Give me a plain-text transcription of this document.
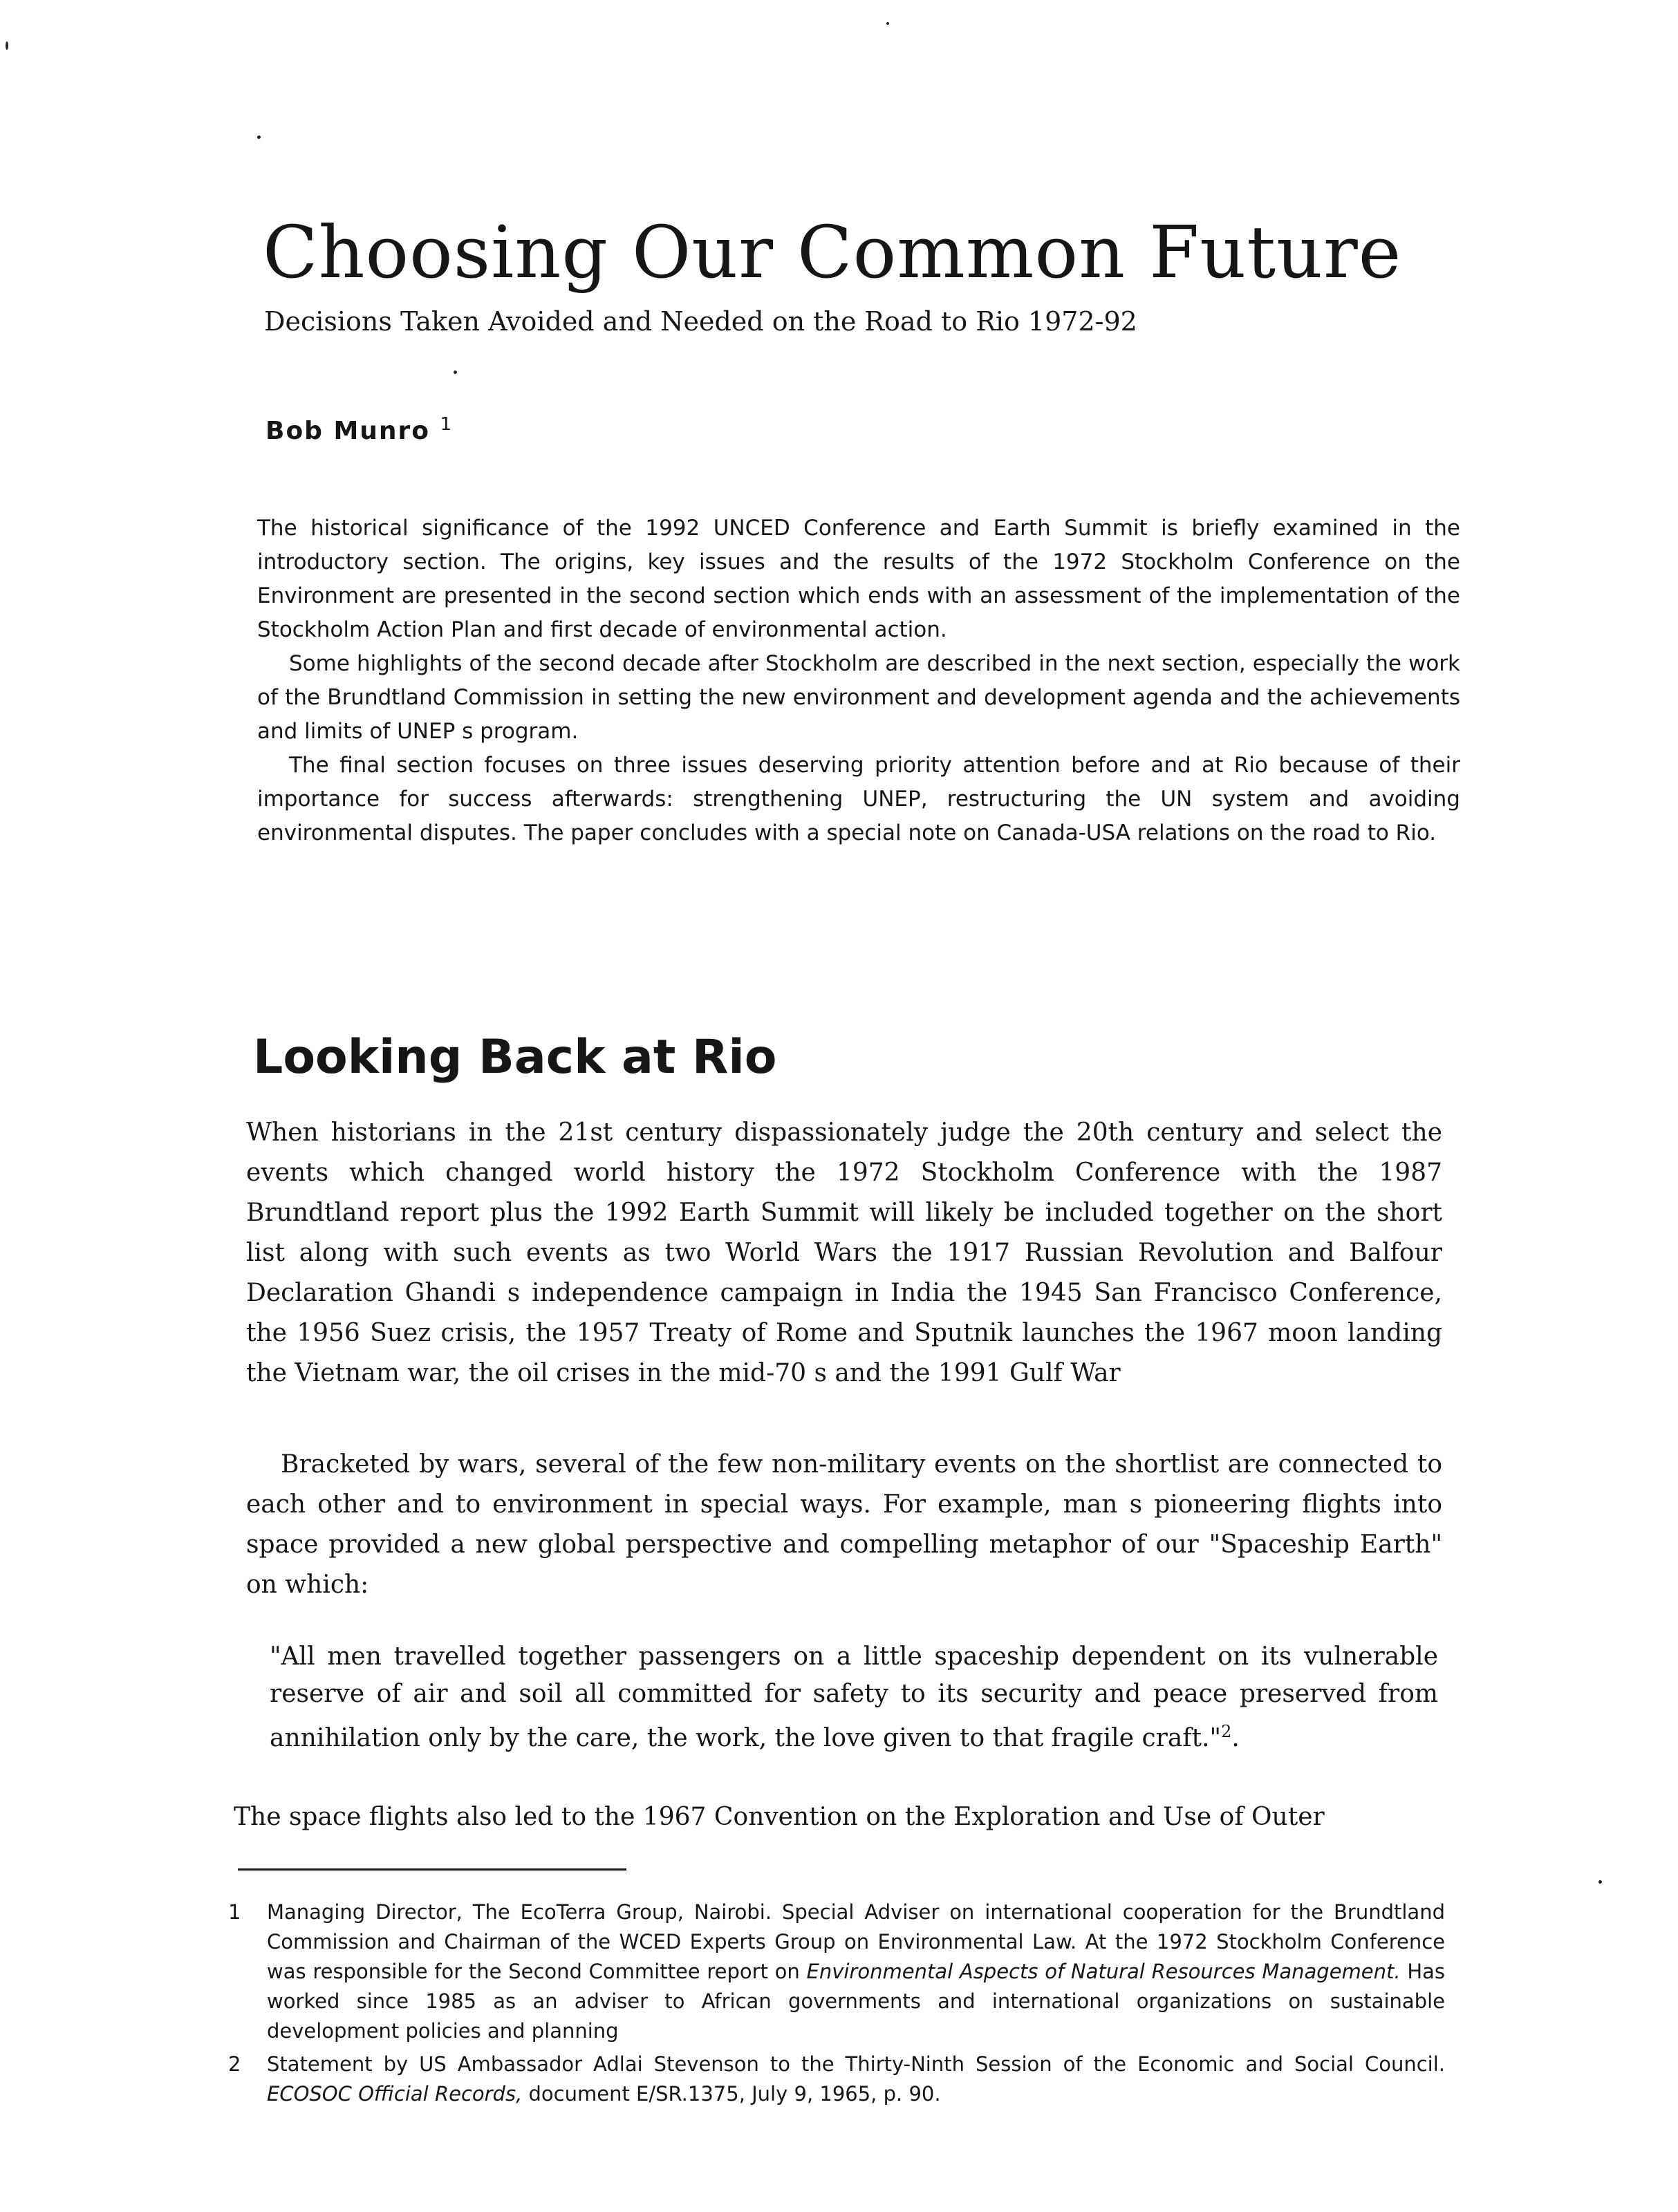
Choosing Our Common Future
Decisions Taken Avoided and Needed on the Road to Rio 1972-92
Bob Munro $^1$

The historical significance of the 1992 UNCED Conference and Earth Summit is briefly examined in the introductory section. The origins, key issues and the results of the 1972 Stockholm Conference on the Environment are presented in the second section which ends with an assessment of the implementation of the Stockholm Action Plan and first decade of environmental action.

Some highlights of the second decade after Stockholm are described in the next section, especially the work of the Brundtland Commission in setting the new environment and development agenda and the achievements and limits of UNEP s program.

The final section focuses on three issues deserving priority attention before and at Rio because of their importance for success afterwards: strengthening UNEP, restructuring the UN system and avoiding environmental disputes. The paper concludes with a special note on Canada-USA relations on the road to Rio.

Looking Back at Rio
When historians in the 21st century dispassionately judge the 20th century and select the events which changed world history the 1972 Stockholm Conference with the 1987 Brundtland report plus the 1992 Earth Summit will likely be included together on the short list along with such events as two World Wars the 1917 Russian Revolution and Balfour Declaration Ghandi s independence campaign in India the 1945 San Francisco Conference, the 1956 Suez crisis, the 1957 Treaty of Rome and Sputnik launches the 1967 moon landing the Vietnam war, the oil crises in the mid-70 s and the 1991 Gulf War
Bracketed by wars, several of the few non-military events on the shortlist are connected to each other and to environment in special ways. For example, man s pioneering flights into space provided a new global perspective and compelling metaphor of our "Spaceship Earth" on which:
"All men travelled together passengers on a little spaceship dependent on its vulnerable reserve of air and soil all committed for safety to its security and peace preserved from annihilation only by the care, the work, the love given to that fragile craft."$^2$.
The space flights also led to the 1967 Convention on the Exploration and Use of Outer
1	Managing Director, The EcoTerra Group, Nairobi. Special Adviser on international cooperation for the Brundtland Commission and Chairman of the WCED Experts Group on Environmental Law. At the 1972 Stockholm Conference was responsible for the Second Committee report on Environmental Aspects of Natural Resources Management. Has worked since 1985 as an adviser to African governments and international organizations on sustainable development policies and planning
2	Statement by US Ambassador Adlai Stevenson to the Thirty-Ninth Session of the Economic and Social Council. ECOSOC Official Records, document E/SR.1375, July 9, 1965, p. 90.
